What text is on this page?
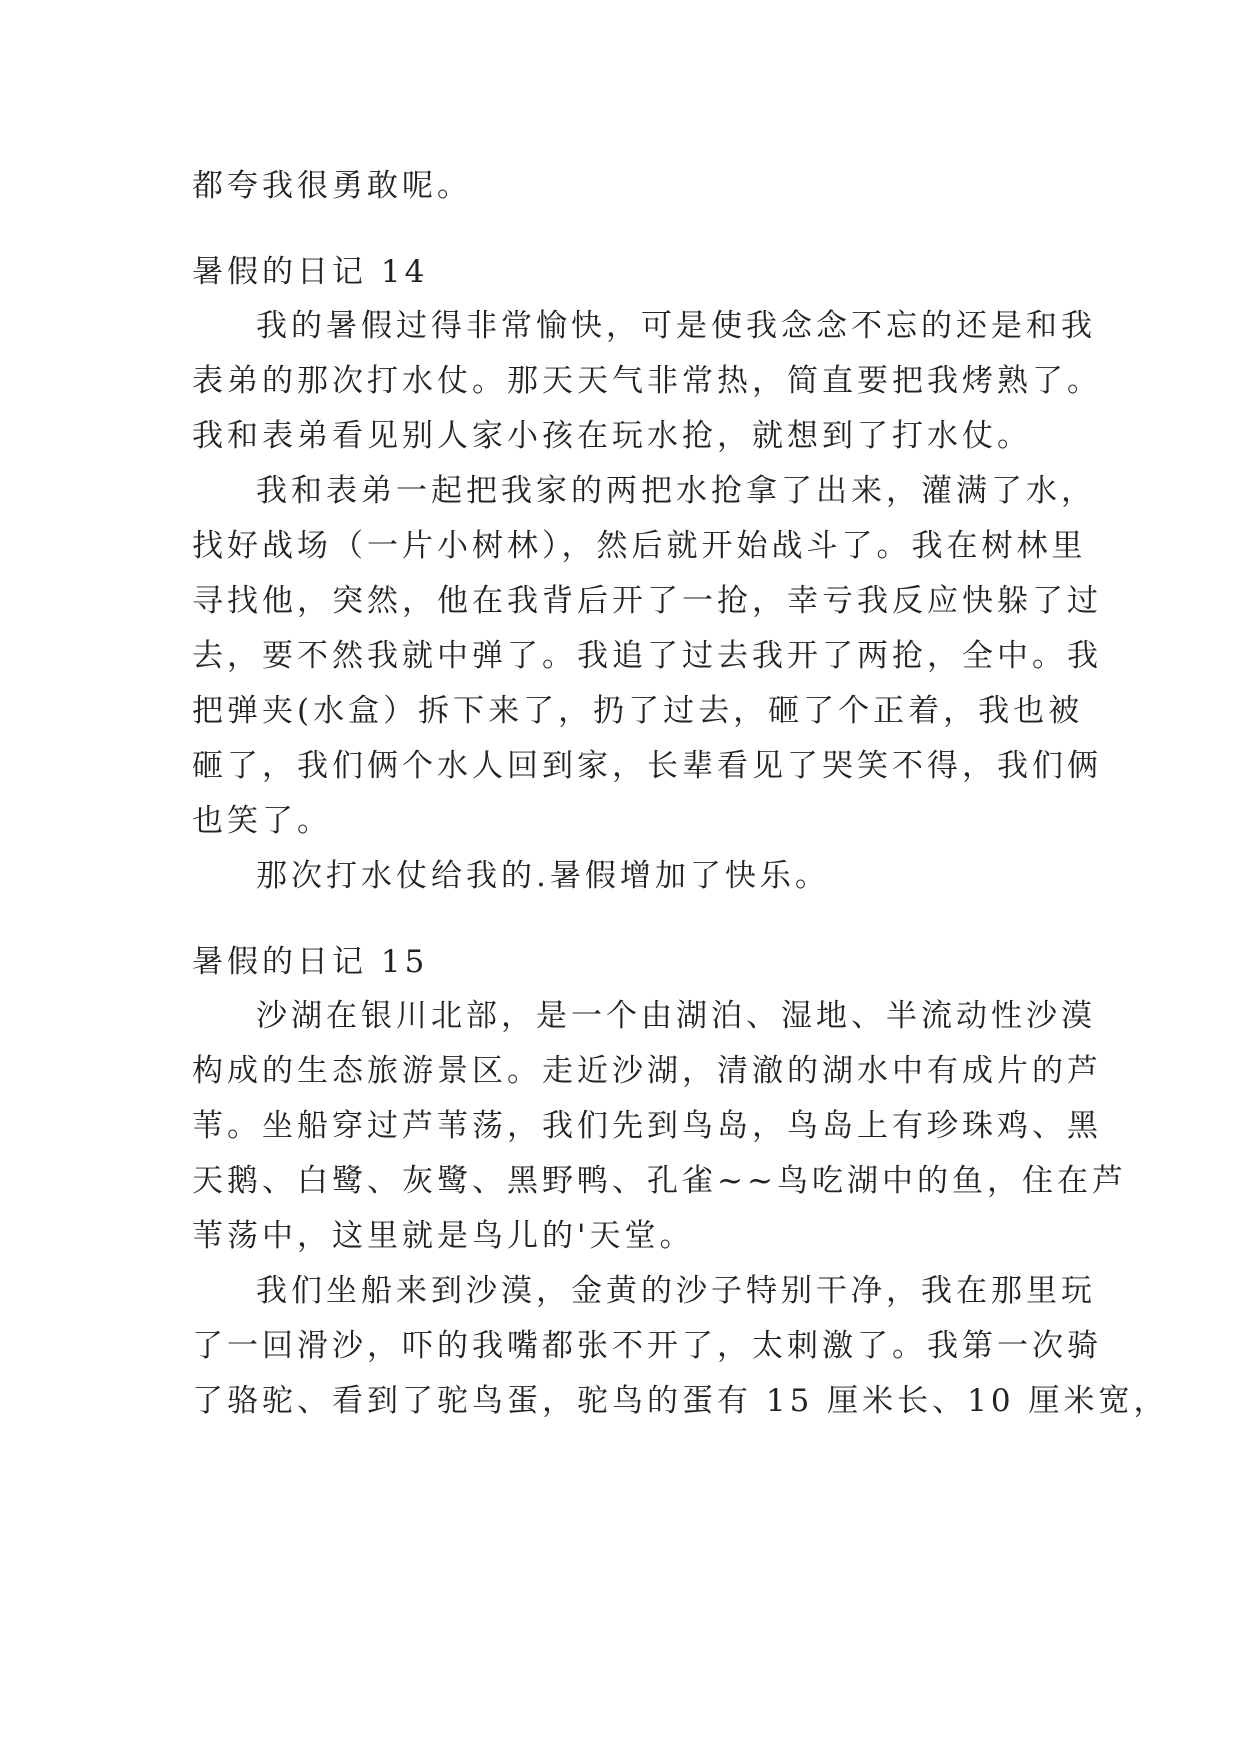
都夸我很勇敢呢。
暑假的日记 14
我的暑假过得非常愉快，可是使我念念不忘的还是和我
表弟的那次打水仗。那天天气非常热，简直要把我烤熟了。
我和表弟看见别人家小孩在玩水抢，就想到了打水仗。
我和表弟一起把我家的两把水抢拿了出来，灌满了水，
找好战场（一片小树林），然后就开始战斗了。我在树林里
寻找他，突然，他在我背后开了一抢，幸亏我反应快躲了过
去，要不然我就中弹了。我追了过去我开了两抢，全中。我
把弹夹(水盒）拆下来了，扔了过去，砸了个正着，我也被
砸了，我们俩个水人回到家，长辈看见了哭笑不得，我们俩
也笑了。
那次打水仗给我的.暑假增加了快乐。
暑假的日记 15
沙湖在银川北部，是一个由湖泊、湿地、半流动性沙漠
构成的生态旅游景区。走近沙湖，清澈的湖水中有成片的芦
苇。坐船穿过芦苇荡，我们先到鸟岛，鸟岛上有珍珠鸡、黑
天鹅、白鹭、灰鹭、黑野鸭、孔雀~~鸟吃湖中的鱼，住在芦
苇荡中，这里就是鸟儿的'天堂。
我们坐船来到沙漠，金黄的沙子特别干净，我在那里玩
了一回滑沙，吓的我嘴都张不开了，太刺激了。我第一次骑
了骆驼、看到了驼鸟蛋，驼鸟的蛋有 15 厘米长、10 厘米宽，
